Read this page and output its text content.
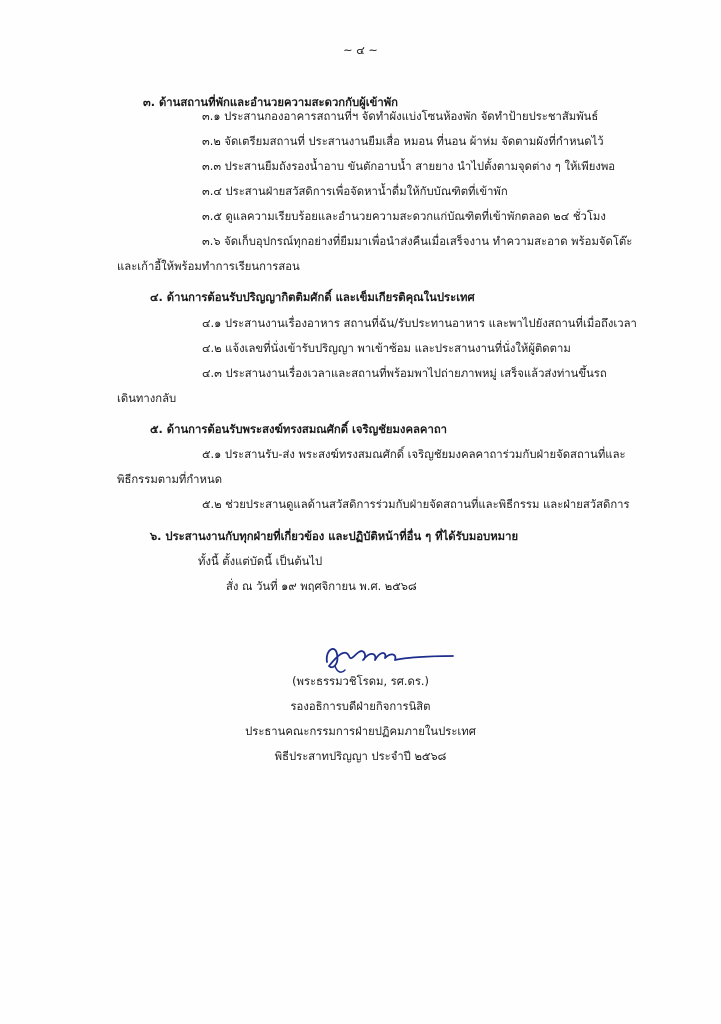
~ ๔ ~
๓. ด้านสถานที่พักและอำนวยความสะดวกกับผู้เข้าพัก
๓.๑ ประสานกองอาคารสถานที่ฯ จัดทำผังแบ่งโซนห้องพัก จัดทำป้ายประชาสัมพันธ์
๓.๒ จัดเตรียมสถานที่ ประสานงานยืมเสื่อ หมอน ที่นอน ผ้าห่ม จัดตามผังที่กำหนดไว้
๓.๓ ประสานยืมถังรองน้ำอาบ ขันตักอาบน้ำ สายยาง นำไปตั้งตามจุดต่าง ๆ ให้เพียงพอ
๓.๔ ประสานฝ่ายสวัสดิการเพื่อจัดหาน้ำดื่มให้กับบัณฑิตที่เข้าพัก
๓.๕ ดูแลความเรียบร้อยและอำนวยความสะดวกแก่บัณฑิตที่เข้าพักตลอด ๒๔ ชั่วโมง
๓.๖ จัดเก็บอุปกรณ์ทุกอย่างที่ยืมมาเพื่อนำส่งคืนเมื่อเสร็จงาน ทำความสะอาด พร้อมจัดโต๊ะ
และเก้าอี้ให้พร้อมทำการเรียนการสอน
๔. ด้านการต้อนรับปริญญากิตติมศักดิ์ และเข็มเกียรติคุณในประเทศ
๔.๑ ประสานงานเรื่องอาหาร สถานที่ฉัน/รับประทานอาหาร และพาไปยังสถานที่เมื่อถึงเวลา
๔.๒ แจ้งเลขที่นั่งเข้ารับปริญญา พาเข้าซ้อม และประสานงานที่นั่งให้ผู้ติดตาม
๔.๓ ประสานงานเรื่องเวลาและสถานที่พร้อมพาไปถ่ายภาพหมู่ เสร็จแล้วส่งท่านขึ้นรถ
เดินทางกลับ
๕. ด้านการต้อนรับพระสงฆ์ทรงสมณศักดิ์ เจริญชัยมงคลคาถา
๕.๑ ประสานรับ-ส่ง พระสงฆ์ทรงสมณศักดิ์ เจริญชัยมงคลคาถาร่วมกับฝ่ายจัดสถานที่และ
พิธีกรรมตามที่กำหนด
๕.๒ ช่วยประสานดูแลด้านสวัสดิการร่วมกับฝ่ายจัดสถานที่และพิธีกรรม และฝ่ายสวัสดิการ
๖. ประสานงานกับทุกฝ่ายที่เกี่ยวข้อง และปฏิบัติหน้าที่อื่น ๆ ที่ได้รับมอบหมาย
ทั้งนี้ ตั้งแต่บัดนี้ เป็นต้นไป
สั่ง ณ วันที่ ๑๙ พฤศจิกายน พ.ศ. ๒๕๖๘
(พระธรรมวชิโรดม, รศ.ดร.)
รองอธิการบดีฝ่ายกิจการนิสิต
ประธานคณะกรรมการฝ่ายปฏิคมภายในประเทศ
พิธีประสาทปริญญา ประจำปี ๒๕๖๘
